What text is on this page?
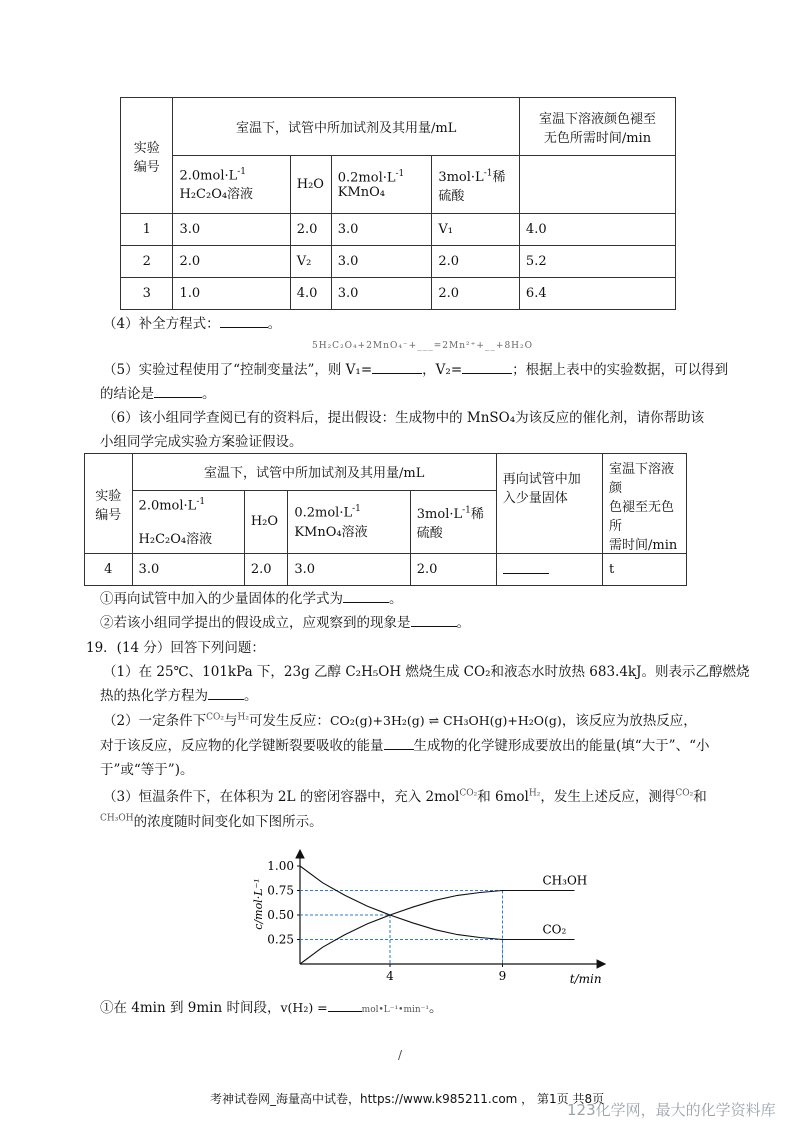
实验
编号	室温下，试管中所加试剂及其用量/mL				室温下溶液颜色褪至
无色所需时间/min
	$2.0mol\cdot L^{-1}$
H₂C₂O₄溶液	H₂O	$0.2mol\cdot L^{-1}$
KMnO₄	$3mol\cdot L^{-1}$稀
硫酸	
1	3.0	2.0	3.0	V₁	4.0
2	2.0	V₂	3.0	2.0	5.2
3	1.0	4.0	3.0	2.0	6.4
（4）补全方程式：	。
5H₂C₂O₄+2MnO₄⁻+___=2Mn²⁺+__+8H₂O
（5）实验过程使用了“控制变量法”，则 V₁=	，V₂=	；根据上表中的实验数据，可以得到
的结论是	。
（6）该小组同学查阅已有的资料后，提出假设：生成物中的 MnSO₄为该反应的催化剂，请你帮助该
小组同学完成实验方案验证假设。
实验
编号	室温下，试管中所加试剂及其用量/mL				再向试管中加
入少量固体	室温下溶液颜
色褪至无色所
需时间/min
	$2.0mol\cdot L^{-1}$

H₂C₂O₄溶液	H₂O	$0.2mol\cdot L^{-1}$
KMnO₄溶液	$3mol\cdot L^{-1}$稀
硫酸		
4	3.0	2.0	3.0	2.0		t
①再向试管中加入的少量固体的化学式为	。
②若该小组同学提出的假设成立，应观察到的现象是	。
19．(14 分）回答下列问题：
（1）在 25℃、101kPa 下，23g 乙醇 C₂H₅OH 燃烧生成 CO₂和液态水时放热 683.4kJ。则表示乙醇燃烧
热的热化学方程为	。
（2）一定条件下$^{CO_2}$与$^{H_2}$可发生反应：CO₂(g)+3H₂(g) ⇌ CH₃OH(g)+H₂O(g)，该反应为放热反应，
对于该反应，反应物的化学键断裂要吸收的能量 生成物的化学键形成要放出的能量(填“大于”、“小
于”或“等于”)。
（3）恒温条件下，在体积为 2L 的密闭容器中，充入 2mol$^{CO_2}$和 6mol$^{H_2}$，发生上述反应，测得$^{CO_2}$和
$^{CH_3OH}$的浓度随时间变化如下图所示。
CH₃OH
CO₂
1.00
0.75
0.50
0.25
4	9	t/min
c/mol·L⁻¹
①在 4min 到 9min 时间段，v(H₂) =	mol•L⁻¹•min⁻¹。
/
考神试卷网_海量高中试卷，https://www.k985211.com ， 第1页 共8页
123化学网，最大的化学资料库
